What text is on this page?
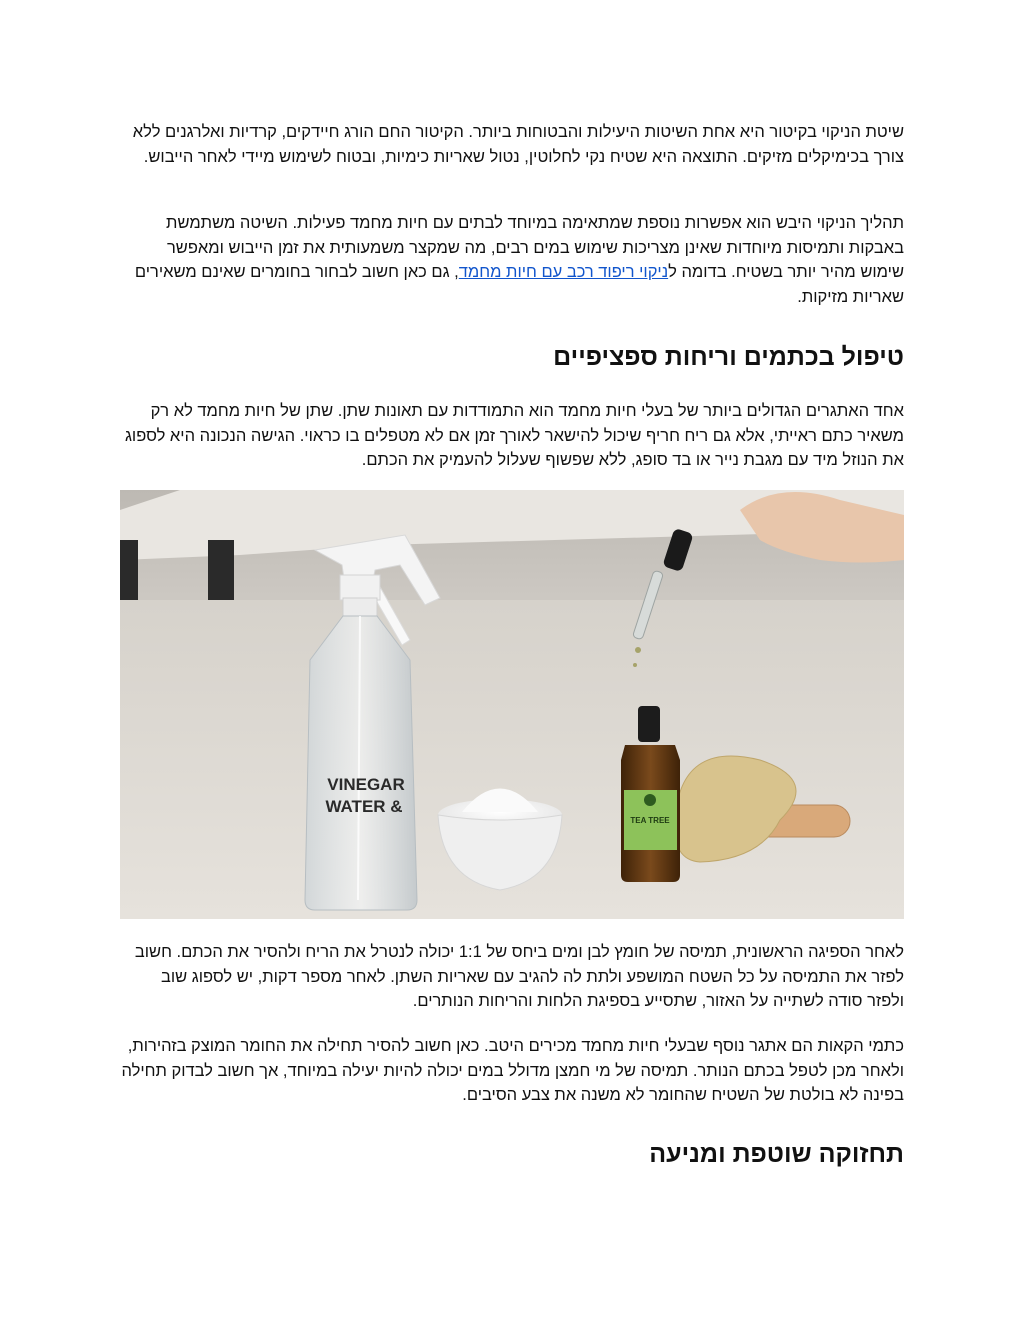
שיטת הניקוי בקיטור היא אחת השיטות היעילות והבטוחות ביותר. הקיטור החם הורג חיידקים, קרדיות ואלרגנים ללא צורך בכימיקלים מזיקים. התוצאה היא שטיח נקי לחלוטין, נטול שאריות כימיות, ובטוח לשימוש מיידי לאחר הייבוש.

תהליך הניקוי היבש הוא אפשרות נוספת שמתאימה במיוחד לבתים עם חיות מחמד פעילות. השיטה משתמשת באבקות ותמיסות מיוחדות שאינן מצריכות שימוש במים רבים, מה שמקצר משמעותית את זמן הייבוש ומאפשר שימוש מהיר יותר בשטיח. בדומה לניקוי ריפוד רכב עם חיות מחמד, גם כאן חשוב לבחור בחומרים שאינם משאירים שאריות מזיקות.

טיפול בכתמים וריחות ספציפיים

אחד האתגרים הגדולים ביותר של בעלי חיות מחמד הוא התמודדות עם תאונות שתן. שתן של חיות מחמד לא רק משאיר כתם ראייתי, אלא גם ריח חריף שיכול להישאר לאורך זמן אם לא מטפלים בו כראוי. הגישה הנכונה היא לספוג את הנוזל מיד עם מגבת נייר או בד סופג, ללא שפשוף שעלול להעמיק את הכתם.

לאחר הספיגה הראשונית, תמיסה של חומץ לבן ומים ביחס של 1:1 יכולה לנטרל את הריח ולהסיר את הכתם. חשוב לפזר את התמיסה על כל השטח המושפע ולתת לה להגיב עם שאריות השתן. לאחר מספר דקות, יש לספוג שוב ולפזר סודה לשתייה על האזור, שתסייע בספיגת הלחות והריחות הנותרים.

כתמי הקאות הם אתגר נוסף שבעלי חיות מחמד מכירים היטב. כאן חשוב להסיר תחילה את החומר המוצק בזהירות, ולאחר מכן לטפל בכתם הנותר. תמיסה של מי חמצן מדולל במים יכולה להיות יעילה במיוחד, אך חשוב לבדוק תחילה בפינה לא בולטת של השטיח שהחומר לא משנה את צבע הסיבים.

תחזוקה שוטפת ומניעה
VINEGAR
& WATER
TEA TREE
